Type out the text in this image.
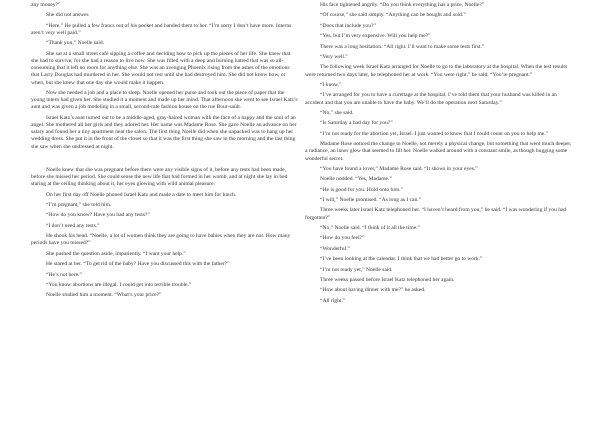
any money?”

She did not answer.

“Here.” He pulled a few francs out of his pocket and handed them to her. “I’m sorry I don’t have more. Interns aren’t very well paid.”

“Thank you,” Noelle said.

She sat at a small street café sipping a coffee and deciding how to pick up the pieces of her life. She knew that she had to survive, for she had a reason to live now. She was filled with a deep and burning hatred that was so all-consuming that it left no room for anything else. She was an avenging Phoenix rising from the ashes of the emotions that Larry Douglas had murdered in her. She would not rest until she had destroyed him. She did not know how, or when, but she knew that one day she would make it happen.

Now she needed a job and a place to sleep. Noelle opened her purse and took out the piece of paper that the young intern had given her. She studied it a moment and made up her mind. That afternoon she went to see Israel Katz’s aunt and was given a job modeling in a small, second-rate fashion house on the rue Bour-saült.

Israel Katz’s aunt turned out to be a middle-aged, gray-haired woman with the face of a happy and the soul of an angel. She mothered all her girls and they adored her. Her name was Madame Rose. She gave Noelle an advance on her salary and found her a tiny apartment near the salon. The first thing Noelle did when she unpacked was to hang up her wedding dress. She put it in the front of the closet so that it was the first thing she saw in the morning and the last thing she saw when she undressed at night.

Noelle knew that she was pregnant before there were any visible signs of it, before any tests had been made, before she missed her period. She could sense the new life that had formed in her womb, and at night she lay in bed staring at the ceiling thinking about it, her eyes glowing with wild animal pleasure.

On her first day off Noelle phoned Israel Katz and made a date to meet him for lunch.

“I’m pregnant,” she told him.

“How do you know? Have you had any tests?”

“I don’t need any tests.”

He shook his head. “Noelle, a lot of women think they are going to have babies when they are not. How many periods have you missed?”

She pushed the question aside, impatiently. “I want your help.”

He stared at her. “To get rid of the baby? Have you discussed this with the father?”

“He’s not here.”

“You know abortions are illegal. I could get into terrible trouble.”

Noelle studied him a moment. “What’s your price?”

His face tightened angrily. “Do you think everything has a price, Noelle?”

“Of course,” she said simply. “Anything can be bought and sold.”

“Does that include you?”

“Yes, but I’m very expensive. Will you help me?”

There was a long hesitation. “All right. I’ll want to make some tests first.”

“Very well.”

The following week Israel Katz arranged for Noelle to go to the laboratory at the hospital. When the test results were returned two days later, he telephoned her at work. “You were right,” he said. “You’re pregnant.”

“I know.”

“I’ve arranged for you to have a curettage at the hospital. I’ve told them that your husband was killed in an accident and that you are unable to have the baby. We’ll do the operation next Saturday.”

“No,” she said.

“Is Saturday a bad day for you?”

“I’m not ready for the abortion yet, Israel. I just wanted to know that I could count on you to help me.”

Madame Rose noticed the change in Noelle, not merely a physical change, but something that went much deeper, a radiance, an inner glow that seemed to fill her. Noelle walked around with a constant smile, as though hugging some wonderful secret.

“You have found a lover,” Madame Rose said. “It shows in your eyes.”

Noelle nodded. “Yes, Madame.”

“He is good for you. Hold onto him.”

“I will,” Noelle promised. “As long as I can.”

Three weeks later Israel Katz telephoned her. “I haven’t heard from you,” he said. “I was wondering if you had forgotten?”

“No,” Noelle said. “I think of it all the time.”

“How do you feel?”

“Wonderful.”

“I’ve been looking at the calendar. I think that we had better go to work.”

“I’m not ready yet,” Noelle said.

Three weeks passed before Israel Katz telephoned her again.

“How about having dinner with me?” he asked.

“All right.”
